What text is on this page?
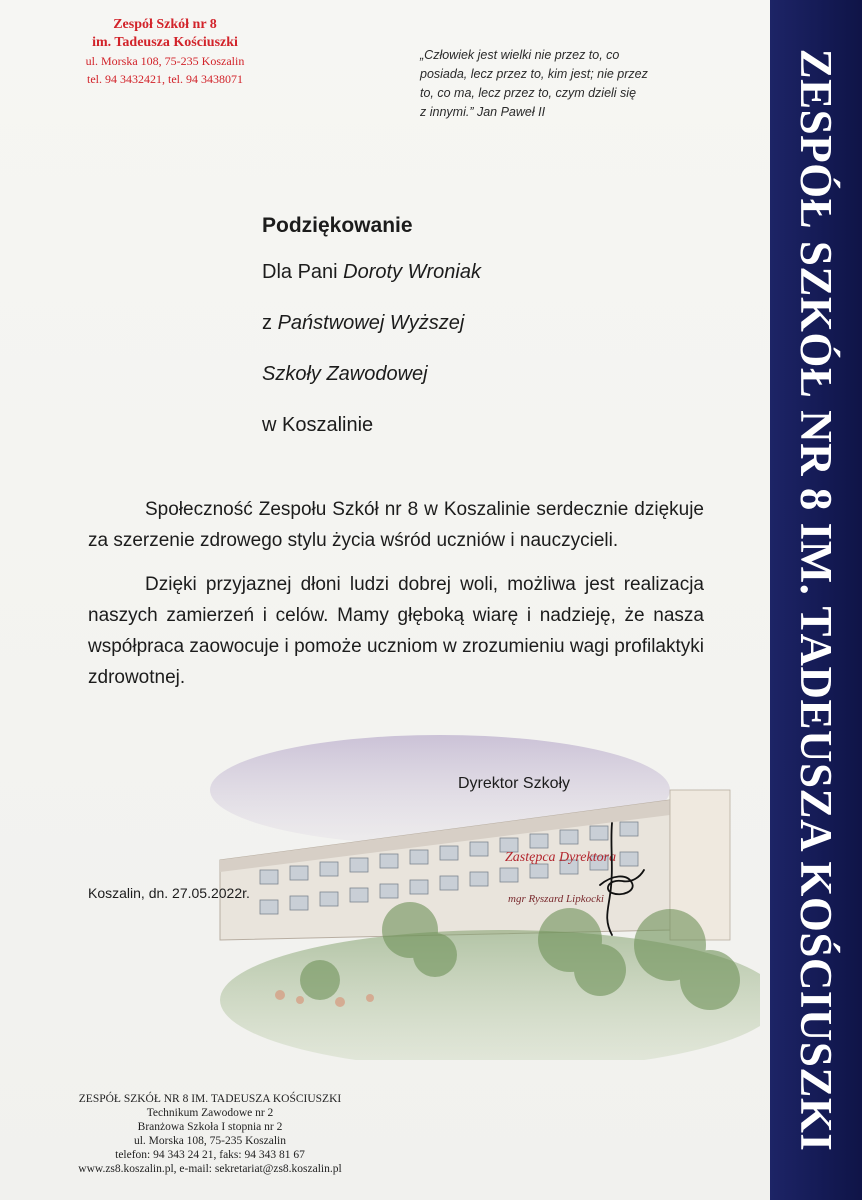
Zespół Szkół nr 8
im. Tadeusza Kościuszki
ul. Morska 108, 75-235 Koszalin
tel. 94 3432421, tel. 94 3438071
„Człowiek jest wielki nie przez to, co
posiada, lecz przez to, kim jest; nie przez
to, co ma, lecz przez to, czym dzieli się
z innymi.” Jan Paweł II
Podziękowanie
Dla Pani Doroty Wroniak
z Państwowej Wyższej
Szkoły Zawodowej
w Koszalinie

Społeczność Zespołu Szkół nr 8 w Koszalinie serdecznie dziękuje za szerzenie zdrowego stylu życia wśród uczniów i nauczycieli.

Dzięki przyjaznej dłoni ludzi dobrej woli, możliwa jest realizacja naszych zamierzeń i celów. Mamy głęboką wiarę i nadzieję, że nasza współpraca zaowocuje i pomoże uczniom w zrozumieniu wagi profilaktyki zdrowotnej.

Dyrektor Szkoły
Zastępca Dyrektora
mgr Ryszard Lipkocki
Koszalin, dn. 27.05.2022r.
ZESPÓŁ SZKÓŁ NR 8 IM. TADEUSZA KOŚCIUSZKI
Technikum Zawodowe nr 2
Branżowa Szkoła I stopnia nr 2
ul. Morska 108, 75-235 Koszalin
telefon: 94 343 24 21, faks: 94 343 81 67
www.zs8.koszalin.pl, e-mail: sekretariat@zs8.koszalin.pl
ZESPÓŁ SZKÓŁ NR 8 IM. TADEUSZA KOŚCIUSZKI
